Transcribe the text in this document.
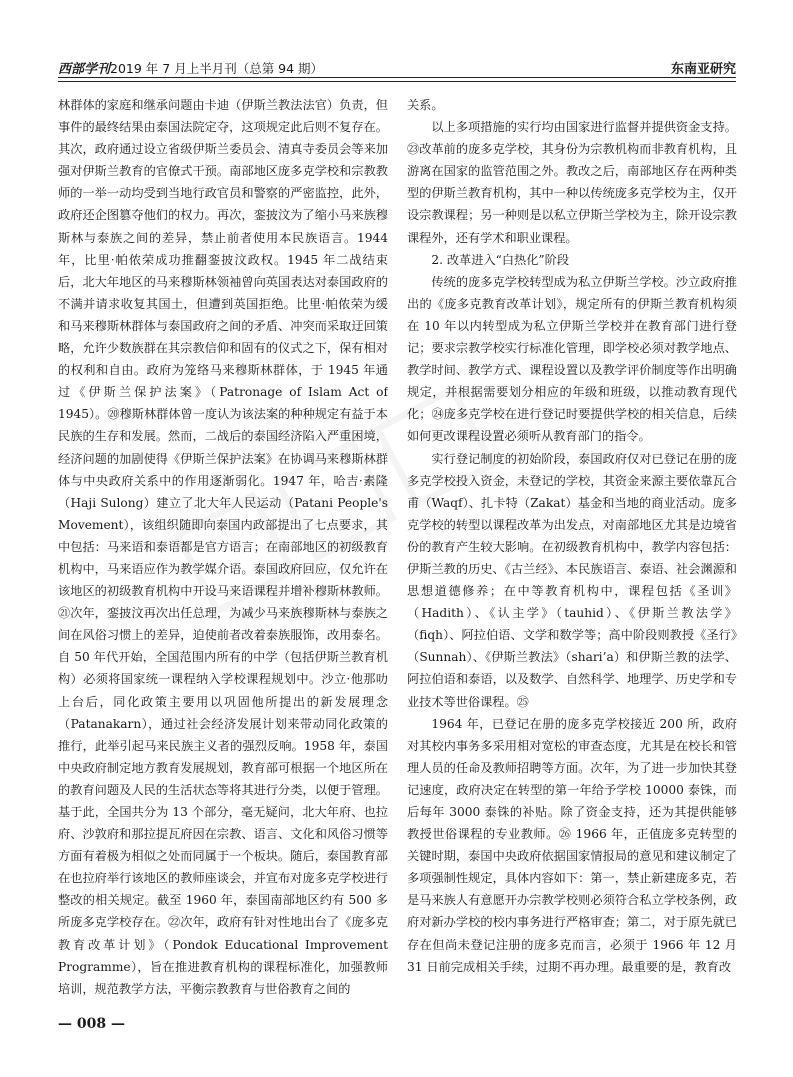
西部学刊2019 年 7 月上半月刊（总第 94 期）	东南亚研究

林群体的家庭和继承问题由卡迪（伊斯兰教法法官）负责，但事件的最终结果由泰国法院定夺，这项规定此后则不复存在。其次，政府通过设立省级伊斯兰委员会、清真寺委员会等来加强对伊斯兰教育的官僚式干预。南部地区庞多克学校和宗教教师的一举一动均受到当地行政官员和警察的严密监控，此外，政府还企图篡夺他们的权力。再次，銮披汶为了缩小马来族穆斯林与泰族之间的差异，禁止前者使用本民族语言。1944 年，比里·帕侬荣成功推翻銮披汶政权。1945 年二战结束后，北大年地区的马来穆斯林领袖曾向英国表达对泰国政府的不满并请求收复其国土，但遭到英国拒绝。比里·帕侬荣为缓和马来穆斯林群体与泰国政府之间的矛盾、冲突而采取迂回策略，允许少数族群在其宗教信仰和固有的仪式之下，保有相对的权利和自由。政府为笼络马来穆斯林群体，于 1945 年通过《伊斯兰保护法案》（Patronage of Islam Act of 1945）。⑳穆斯林群体曾一度认为该法案的种种规定有益于本民族的生存和发展。然而，二战后的泰国经济陷入严重困境，经济问题的加剧使得《伊斯兰保护法案》在协调马来穆斯林群体与中央政府关系中的作用逐渐弱化。1947 年，哈吉·素隆（Haji Sulong）建立了北大年人民运动（Patani People's Movement），该组织随即向泰国内政部提出了七点要求，其中包括：马来语和泰语都是官方语言；在南部地区的初级教育机构中，马来语应作为教学媒介语。泰国政府回应，仅允许在该地区的初级教育机构中开设马来语课程并增补穆斯林教师。㉑次年，銮披汶再次出任总理，为减少马来族穆斯林与泰族之间在风俗习惯上的差异，迫使前者改着泰族服饰，改用泰名。自 50 年代开始，全国范围内所有的中学（包括伊斯兰教育机构）必须将国家统一课程纳入学校课程规划中。沙立·他那叻上台后，同化政策主要用以巩固他所提出的新发展理念（Patanakarn），通过社会经济发展计划来带动同化政策的推行，此举引起马来民族主义者的强烈反响。1958 年，泰国中央政府制定地方教育发展规划，教育部可根据一个地区所在的教育问题及人民的生活状态等将其进行分类，以便于管理。基于此，全国共分为 13 个部分，毫无疑问，北大年府、也拉府、沙敦府和那拉提瓦府因在宗教、语言、文化和风俗习惯等方面有着极为相似之处而同属于一个板块。随后，泰国教育部在也拉府举行该地区的教师座谈会，并宣布对庞多克学校进行整改的相关规定。截至 1960 年，泰国南部地区约有 500 多所庞多克学校存在。㉒次年，政府有针对性地出台了《庞多克教育改革计划》（Pondok Educational Improvement Programme），旨在推进教育机构的课程标准化，加强教师培训，规范教学方法，平衡宗教教育与世俗教育之间的

关系。

以上多项措施的实行均由国家进行监督并提供资金支持。㉓改革前的庞多克学校，其身份为宗教机构而非教育机构，且游离在国家的监管范围之外。教改之后，南部地区存在两种类型的伊斯兰教育机构，其中一种以传统庞多克学校为主，仅开设宗教课程；另一种则是以私立伊斯兰学校为主，除开设宗教课程外，还有学术和职业课程。

2. 改革进入“白热化”阶段

传统的庞多克学校转型成为私立伊斯兰学校。沙立政府推出的《庞多克教育改革计划》，规定所有的伊斯兰教育机构须在 10 年以内转型成为私立伊斯兰学校并在教育部门进行登记；要求宗教学校实行标准化管理，即学校必须对教学地点、教学时间、教学方式、课程设置以及教学评价制度等作出明确规定，并根据需要划分相应的年级和班级，以推动教育现代化；㉔庞多克学校在进行登记时要提供学校的相关信息，后续如何更改课程设置必须听从教育部门的指令。

实行登记制度的初始阶段，泰国政府仅对已登记在册的庞多克学校投入资金，未登记的学校，其资金来源主要依靠瓦合甫（Waqf）、扎卡特（Zakat）基金和当地的商业活动。庞多克学校的转型以课程改革为出发点，对南部地区尤其是边境省份的教育产生较大影响。在初级教育机构中，教学内容包括：伊斯兰教的历史、《古兰经》、本民族语言、泰语、社会渊源和思想道德修养；在中等教育机构中，课程包括《圣训》（Hadith）、《认主学》（tauhid）、《伊斯兰教法学》（fiqh）、阿拉伯语、文学和数学等；高中阶段则教授《圣行》（Sunnah）、《伊斯兰教法》（shari’a）和伊斯兰教的法学、阿拉伯语和泰语，以及数学、自然科学、地理学、历史学和专业技术等世俗课程。㉕

1964 年，已登记在册的庞多克学校接近 200 所，政府对其校内事务多采用相对宽松的审查态度，尤其是在校长和管理人员的任命及教师招聘等方面。次年，为了进一步加快其登记速度，政府决定在转型的第一年给予学校 10000 泰铢，而后每年 3000 泰铢的补贴。除了资金支持，还为其提供能够教授世俗课程的专业教师。㉖ 1966 年，正值庞多克转型的关键时期，泰国中央政府依据国家情报局的意见和建议制定了多项强制性规定，具体内容如下：第一，禁止新建庞多克，若是马来族人有意愿开办宗教学校则必须符合私立学校条例，政府对新办学校的校内事务进行严格审查；第二，对于原先就已存在但尚未登记注册的庞多克而言，必须于 1966 年 12 月 31 日前完成相关手续，过期不再办理。最重要的是，教育改

— 008 —
